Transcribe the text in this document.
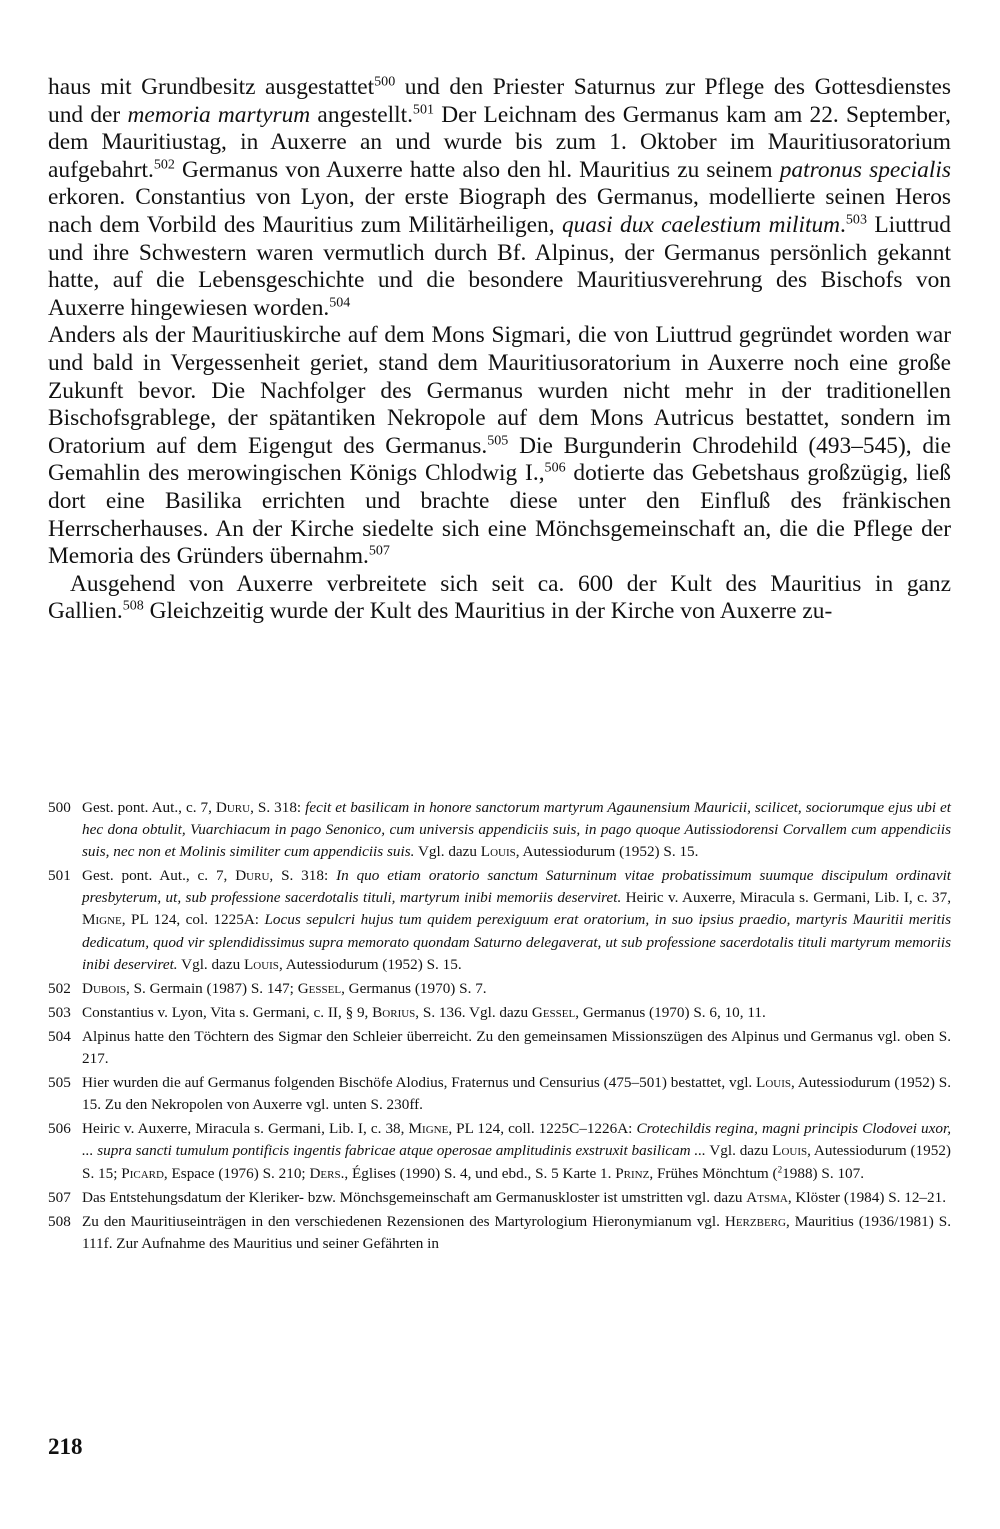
haus mit Grundbesitz ausgestattet$^{500}$ und den Priester Saturnus zur Pflege des Gottesdienstes und der memoria martyrum angestellt.$^{501}$ Der Leichnam des Germanus kam am 22. September, dem Mauritiustag, in Auxerre an und wurde bis zum 1. Oktober im Mauritiusoratorium aufgebahrt.$^{502}$ Germanus von Auxerre hatte also den hl. Mauritius zu seinem patronus specialis erkoren. Constantius von Lyon, der erste Biograph des Germanus, modellierte seinen Heros nach dem Vorbild des Mauritius zum Militärheiligen, quasi dux caelestium militum.$^{503}$ Liuttrud und ihre Schwestern waren vermutlich durch Bf. Alpinus, der Germanus persönlich gekannt hatte, auf die Lebensgeschichte und die besondere Mauritiusverehrung des Bischofs von Auxerre hingewiesen worden.$^{504}$

Anders als der Mauritiuskirche auf dem Mons Sigmari, die von Liuttrud gegründet worden war und bald in Vergessenheit geriet, stand dem Mauritiusoratorium in Auxerre noch eine große Zukunft bevor. Die Nachfolger des Germanus wurden nicht mehr in der traditionellen Bischofsgrablege, der spätantiken Nekropole auf dem Mons Autricus bestattet, sondern im Oratorium auf dem Eigengut des Germanus.$^{505}$ Die Burgunderin Chrodehild (493–545), die Gemahlin des merowingischen Königs Chlodwig I.,$^{506}$ dotierte das Gebetshaus großzügig, ließ dort eine Basilika errichten und brachte diese unter den Einfluß des fränkischen Herrscherhauses. An der Kirche siedelte sich eine Mönchsgemeinschaft an, die die Pflege der Memoria des Gründers übernahm.$^{507}$

Ausgehend von Auxerre verbreitete sich seit ca. 600 der Kult des Mauritius in ganz Gallien.$^{508}$ Gleichzeitig wurde der Kult des Mauritius in der Kirche von Auxerre zu-

500 Gest. pont. Aut., c. 7, Duru, S. 318: fecit et basilicam in honore sanctorum martyrum Agaunensium Mauricii, scilicet, sociorumque ejus ubi et hec dona obtulit, Vuarchiacum in pago Senonico, cum universis appendiciis suis, in pago quoque Autissiodorensi Corvallem cum appendiciis suis, nec non et Molinis similiter cum appendiciis suis. Vgl. dazu Louis, Autessiodurum (1952) S. 15.
501 Gest. pont. Aut., c. 7, Duru, S. 318: In quo etiam oratorio sanctum Saturninum vitae probatissimum suumque discipulum ordinavit presbyterum, ut, sub professione sacerdotalis tituli, martyrum inibi memoriis deserviret. Heiric v. Auxerre, Miracula s. Germani, Lib. I, c. 37, Migne, PL 124, col. 1225A: Locus sepulcri hujus tum quidem perexiguum erat oratorium, in suo ipsius praedio, martyris Mauritii meritis dedicatum, quod vir splendidissimus supra memorato quondam Saturno delegaverat, ut sub professione sacerdotalis tituli martyrum memoriis inibi deserviret. Vgl. dazu Louis, Autessiodurum (1952) S. 15.
502 Dubois, S. Germain (1987) S. 147; Gessel, Germanus (1970) S. 7.
503 Constantius v. Lyon, Vita s. Germani, c. II, § 9, Borius, S. 136. Vgl. dazu Gessel, Germanus (1970) S. 6, 10, 11.
504 Alpinus hatte den Töchtern des Sigmar den Schleier überreicht. Zu den gemeinsamen Missionszügen des Alpinus und Germanus vgl. oben S. 217.
505 Hier wurden die auf Germanus folgenden Bischöfe Alodius, Fraternus und Censurius (475–501) bestattet, vgl. Louis, Autessiodurum (1952) S. 15. Zu den Nekropolen von Auxerre vgl. unten S. 230ff.
506 Heiric v. Auxerre, Miracula s. Germani, Lib. I, c. 38, Migne, PL 124, coll. 1225C–1226A: Crotechildis regina, magni principis Clodovei uxor, ... supra sancti tumulum pontificis ingentis fabricae atque operosae amplitudinis exstruxit basilicam ... Vgl. dazu Louis, Autessiodurum (1952) S. 15; Picard, Espace (1976) S. 210; Ders., Églises (1990) S. 4, und ebd., S. 5 Karte 1. Prinz, Frühes Mönchtum ($^2$1988) S. 107.
507 Das Entstehungsdatum der Kleriker- bzw. Mönchsgemeinschaft am Germanuskloster ist umstritten vgl. dazu Atsma, Klöster (1984) S. 12–21.
508 Zu den Mauritiuseinträgen in den verschiedenen Rezensionen des Martyrologium Hieronymianum vgl. Herzberg, Mauritius (1936/1981) S. 111f. Zur Aufnahme des Mauritius und seiner Gefährten in
218
